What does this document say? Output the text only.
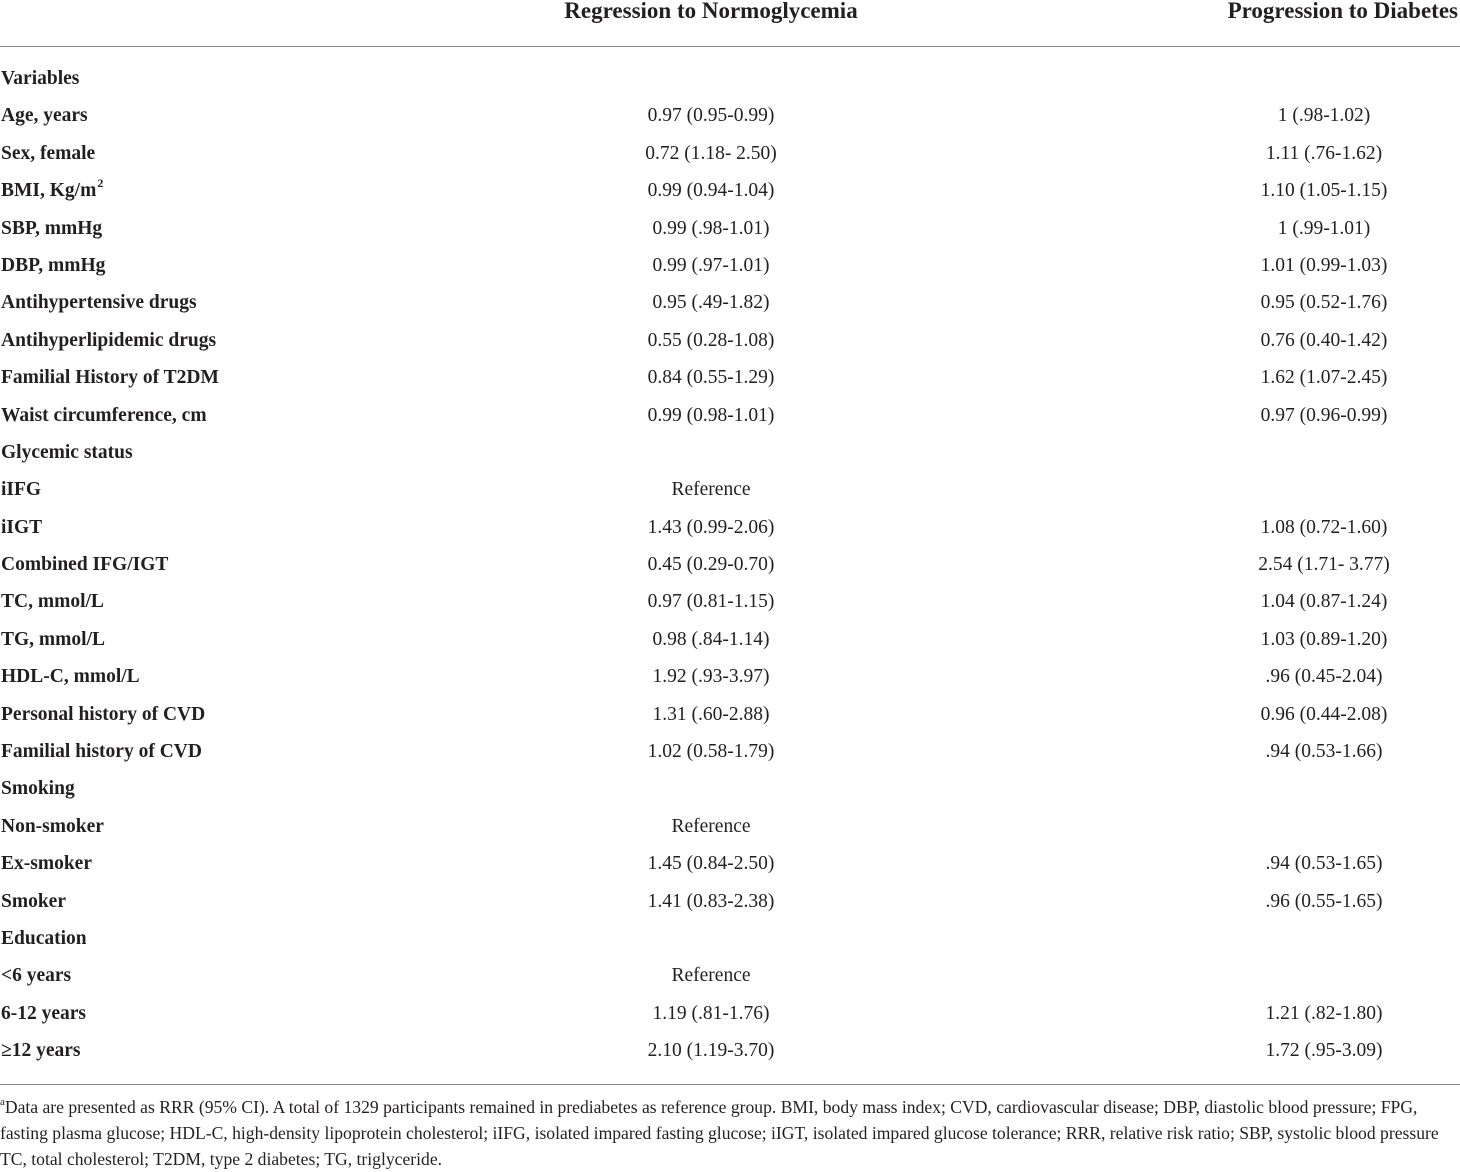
Regression to Normoglycemia	Progression to Diabetes
Variables
Age, years	0.97 (0.95-0.99)	1 (.98-1.02)
Sex, female	0.72 (1.18- 2.50)	1.11 (.76-1.62)
BMI, $Kg/m^2$	0.99 (0.94-1.04)	1.10 (1.05-1.15)
SBP, mmHg	0.99 (.98-1.01)	1 (.99-1.01)
DBP, mmHg	0.99 (.97-1.01)	1.01 (0.99-1.03)
Antihypertensive drugs	0.95 (.49-1.82)	0.95 (0.52-1.76)
Antihyperlipidemic drugs	0.55 (0.28-1.08)	0.76 (0.40-1.42)
Familial History of T2DM	0.84 (0.55-1.29)	1.62 (1.07-2.45)
Waist circumference, cm	0.99 (0.98-1.01)	0.97 (0.96-0.99)
Glycemic status
iIFG	Reference
iIGT	1.43 (0.99-2.06)	1.08 (0.72-1.60)
Combined IFG/IGT	0.45 (0.29-0.70)	2.54 (1.71- 3.77)
TC, mmol/L	0.97 (0.81-1.15)	1.04 (0.87-1.24)
TG, mmol/L	0.98 (.84-1.14)	1.03 (0.89-1.20)
HDL-C, mmol/L	1.92 (.93-3.97)	.96 (0.45-2.04)
Personal history of CVD	1.31 (.60-2.88)	0.96 (0.44-2.08)
Familial history of CVD	1.02 (0.58-1.79)	.94 (0.53-1.66)
Smoking
Non-smoker	Reference
Ex-smoker	1.45 (0.84-2.50)	.94 (0.53-1.65)
Smoker	1.41 (0.83-2.38)	.96 (0.55-1.65)
Education
<6 years	Reference
6-12 years	1.19 (.81-1.76)	1.21 (.82-1.80)
≥12 years	2.10 (1.19-3.70)	1.72 (.95-3.09)
$^a$Data are presented as RRR (95% CI). A total of 1329 participants remained in prediabetes as reference group. BMI, body mass index; CVD, cardiovascular disease; DBP, diastolic blood pressure; FPG, fasting plasma glucose; HDL-C, high-density lipoprotein cholesterol; iIFG, isolated impared fasting glucose; iIGT, isolated impared glucose tolerance; RRR, relative risk ratio; SBP, systolic blood pressure TC, total cholesterol; T2DM, type 2 diabetes; TG, triglyceride.
